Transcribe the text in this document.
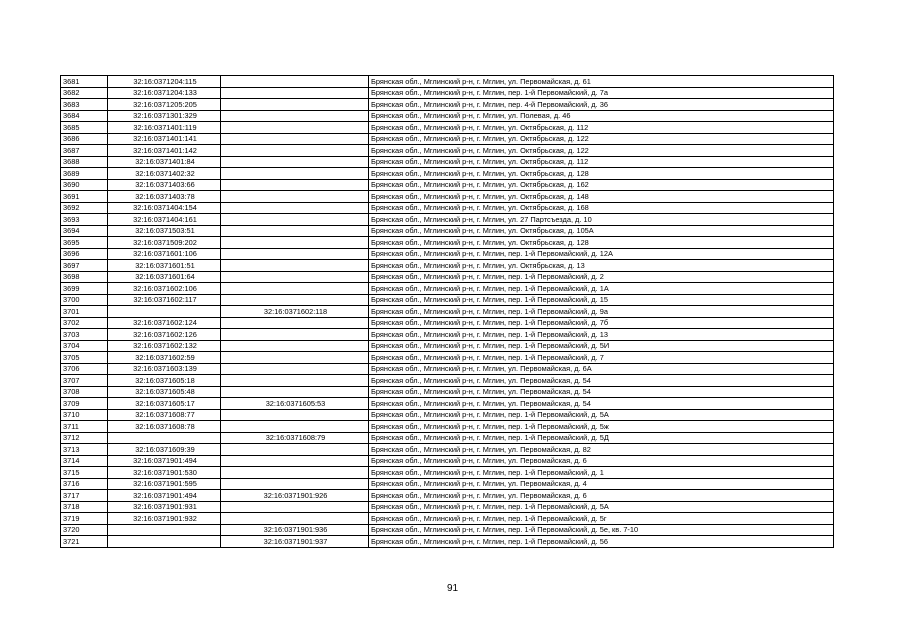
3681	32:16:0371204:115		Брянская обл., Мглинский р-н, г. Мглин, ул. Первомайская, д. 61
3682	32:16:0371204:133		Брянская обл., Мглинский р-н, г. Мглин, пер. 1-й Первомайский, д. 7а
3683	32:16:0371205:205		Брянская обл., Мглинский р-н, г. Мглин, пер. 4-й Первомайский, д. 36
3684	32:16:0371301:329		Брянская обл., Мглинский р-н, г. Мглин, ул. Полевая, д. 46
3685	32:16:0371401:119		Брянская обл., Мглинский р-н, г. Мглин, ул. Октябрьская, д. 112
3686	32:16:0371401:141		Брянская обл., Мглинский р-н, г. Мглин, ул. Октябрьская, д. 122
3687	32:16:0371401:142		Брянская обл., Мглинский р-н, г. Мглин, ул. Октябрьская, д. 122
3688	32:16:0371401:84		Брянская обл., Мглинский р-н, г. Мглин, ул. Октябрьская, д. 112
3689	32:16:0371402:32		Брянская обл., Мглинский р-н, г. Мглин, ул. Октябрьская, д. 128
3690	32:16:0371403:66		Брянская обл., Мглинский р-н, г. Мглин, ул. Октябрьская, д. 162
3691	32:16:0371403:78		Брянская обл., Мглинский р-н, г. Мглин, ул. Октябрьская, д. 148
3692	32:16:0371404:154		Брянская обл., Мглинский р-н, г. Мглин, ул. Октябрьская, д. 168
3693	32:16:0371404:161		Брянская обл., Мглинский р-н, г. Мглин, ул. 27 Партсъезда, д. 10
3694	32:16:0371503:51		Брянская обл., Мглинский р-н, г. Мглин, ул. Октябрьская, д. 105А
3695	32:16:0371509:202		Брянская обл., Мглинский р-н, г. Мглин, ул. Октябрьская, д. 128
3696	32:16:0371601:106		Брянская обл., Мглинский р-н, г. Мглин, пер. 1-й Первомайский, д. 12А
3697	32:16:0371601:51		Брянская обл., Мглинский р-н, г. Мглин, ул. Октябрьская, д. 13
3698	32:16:0371601:64		Брянская обл., Мглинский р-н, г. Мглин, пер. 1-й Первомайский, д. 2
3699	32:16:0371602:106		Брянская обл., Мглинский р-н, г. Мглин, пер. 1-й Первомайский, д. 1А
3700	32:16:0371602:117		Брянская обл., Мглинский р-н, г. Мглин, пер. 1-й Первомайский, д. 15
3701		32:16:0371602:118	Брянская обл., Мглинский р-н, г. Мглин, пер. 1-й Первомайский, д. 9а
3702	32:16:0371602:124		Брянская обл., Мглинский р-н, г. Мглин, пер. 1-й Первомайский, д. 7б
3703	32:16:0371602:126		Брянская обл., Мглинский р-н, г. Мглин, пер. 1-й Первомайский, д. 13
3704	32:16:0371602:132		Брянская обл., Мглинский р-н, г. Мглин, пер. 1-й Первомайский, д. 5И
3705	32:16:0371602:59		Брянская обл., Мглинский р-н, г. Мглин, пер. 1-й Первомайский, д. 7
3706	32:16:0371603:139		Брянская обл., Мглинский р-н, г. Мглин, ул. Первомайская, д. 6А
3707	32:16:0371605:18		Брянская обл., Мглинский р-н, г. Мглин, ул. Первомайская, д. 54
3708	32:16:0371605:48		Брянская обл., Мглинский р-н, г. Мглин, ул. Первомайская, д. 54
3709	32:16:0371605:17	32:16:0371605:53	Брянская обл., Мглинский р-н, г. Мглин, ул. Первомайская, д. 54
3710	32:16:0371608:77		Брянская обл., Мглинский р-н, г. Мглин, пер. 1-й Первомайский, д. 5А
3711	32:16:0371608:78		Брянская обл., Мглинский р-н, г. Мглин, пер. 1-й Первомайский, д. 5ж
3712		32:16:0371608:79	Брянская обл., Мглинский р-н, г. Мглин, пер. 1-й Первомайский, д. 5Д
3713	32:16:0371609:39		Брянская обл., Мглинский р-н, г. Мглин, ул. Первомайская, д. 82
3714	32:16:0371901:494		Брянская обл., Мглинский р-н, г. Мглин, ул. Первомайская, д. 6
3715	32:16:0371901:530		Брянская обл., Мглинский р-н, г. Мглин, пер. 1-й Первомайский, д. 1
3716	32:16:0371901:595		Брянская обл., Мглинский р-н, г. Мглин, ул. Первомайская, д. 4
3717	32:16:0371901:494	32:16:0371901:926	Брянская обл., Мглинский р-н, г. Мглин, ул. Первомайская, д. 6
3718	32:16:0371901:931		Брянская обл., Мглинский р-н, г. Мглин, пер. 1-й Первомайский, д. 5А
3719	32:16:0371901:932		Брянская обл., Мглинский р-н, г. Мглин, пер. 1-й Первомайский, д. 5г
3720		32:16:0371901:936	Брянская обл., Мглинский р-н, г. Мглин, пер. 1-й Первомайский, д. 5е, кв. 7-10
3721		32:16:0371901:937	Брянская обл., Мглинский р-н, г. Мглин, пер. 1-й Первомайский, д. 56
91
